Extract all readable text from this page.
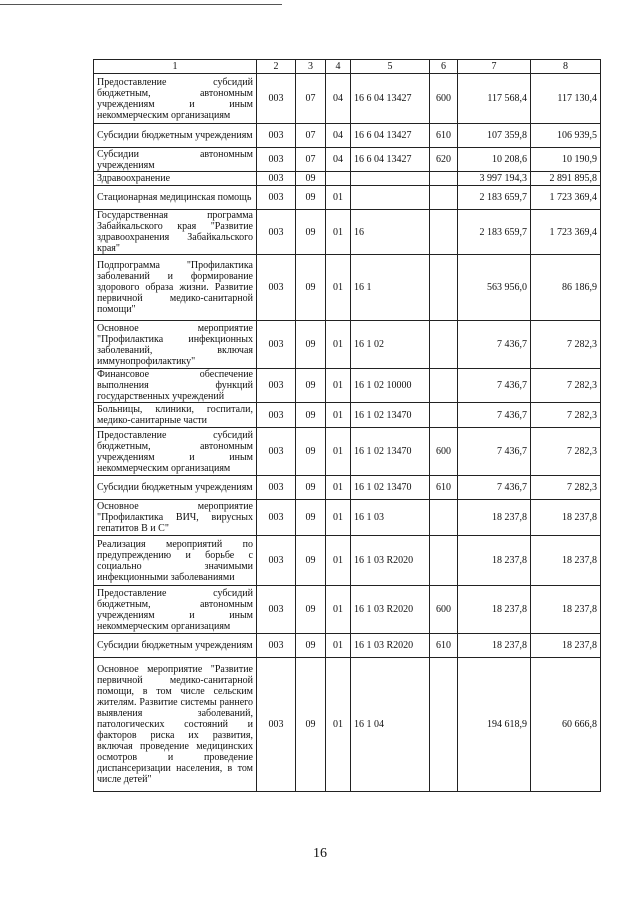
1	2	3	4	5	6	7	8
Предоставление субсидий бюджетным, автономным учреждениям и иным некоммерческим организациям	003	07	04	16 6 04 13427	600	117 568,4	117 130,4
Субсидии бюджетным учреждениям	003	07	04	16 6 04 13427	610	107 359,8	106 939,5
Субсидии автономным учреждениям	003	07	04	16 6 04 13427	620	10 208,6	10 190,9
Здравоохранение	003	09				3 997 194,3	2 891 895,8
Стационарная медицинская помощь	003	09	01			2 183 659,7	1 723 369,4
Государственная программа Забайкальского края "Развитие здравоохранения Забайкальского края"	003	09	01	16		2 183 659,7	1 723 369,4
Подпрограмма "Профилактика заболеваний и формирование здорового образа жизни. Развитие первичной медико-санитарной помощи"	003	09	01	16 1		563 956,0	86 186,9
Основное мероприятие "Профилактика инфекционных заболеваний, включая иммунопрофилактику"	003	09	01	16 1 02		7 436,7	7 282,3
Финансовое обеспечение выполнения функций государственных учреждений	003	09	01	16 1 02 10000		7 436,7	7 282,3
Больницы, клиники, госпитали, медико-санитарные части	003	09	01	16 1 02 13470		7 436,7	7 282,3
Предоставление субсидий бюджетным, автономным учреждениям и иным некоммерческим организациям	003	09	01	16 1 02 13470	600	7 436,7	7 282,3
Субсидии бюджетным учреждениям	003	09	01	16 1 02 13470	610	7 436,7	7 282,3
Основное мероприятие "Профилактика ВИЧ, вирусных гепатитов В и С"	003	09	01	16 1 03		18 237,8	18 237,8
Реализация мероприятий по предупреждению и борьбе с социально значимыми инфекционными заболеваниями	003	09	01	16 1 03 R2020		18 237,8	18 237,8
Предоставление субсидий бюджетным, автономным учреждениям и иным некоммерческим организациям	003	09	01	16 1 03 R2020	600	18 237,8	18 237,8
Субсидии бюджетным учреждениям	003	09	01	16 1 03 R2020	610	18 237,8	18 237,8
Основное мероприятие "Развитие первичной медико-санитарной помощи, в том числе сельским жителям. Развитие системы раннего выявления заболеваний, патологических состояний и факторов риска их развития, включая проведение медицинских осмотров и проведение диспансеризации населения, в том числе детей"	003	09	01	16 1 04		194 618,9	60 666,8
16
